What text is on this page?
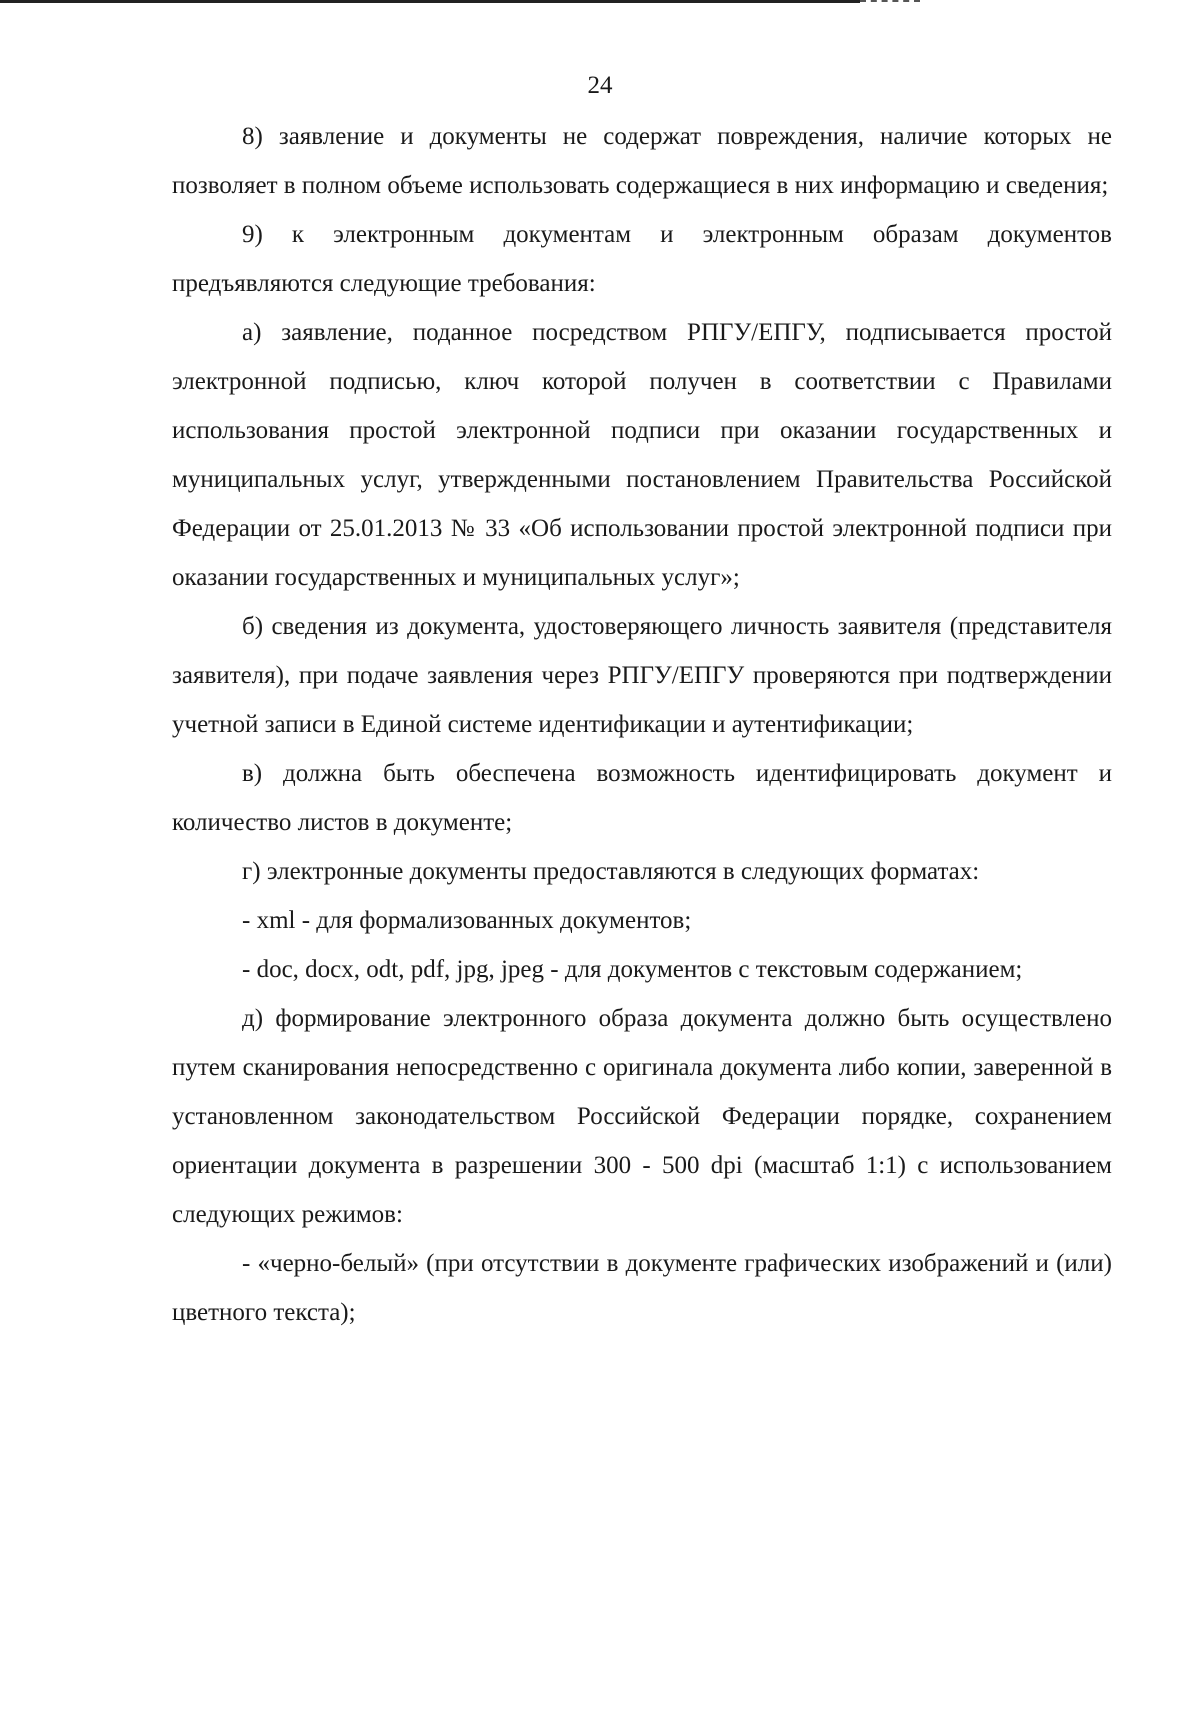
24

8) заявление и документы не содержат повреждения, наличие которых не позволяет в полном объеме использовать содержащиеся в них информацию и сведения;

9) к электронным документам и электронным образам документов предъявляются следующие требования:

а) заявление, поданное посредством РПГУ/ЕПГУ, подписывается простой электронной подписью, ключ которой получен в соответствии с Правилами использования простой электронной подписи при оказании государственных и муниципальных услуг, утвержденными постановлением Правительства Российской Федерации от 25.01.2013 № 33 «Об использовании простой электронной подписи при оказании государственных и муниципальных услуг»;

б) сведения из документа, удостоверяющего личность заявителя (представителя заявителя), при подаче заявления через РПГУ/ЕПГУ проверяются при подтверждении учетной записи в Единой системе идентификации и аутентификации;

в) должна быть обеспечена возможность идентифицировать документ и количество листов в документе;

г) электронные документы предоставляются в следующих форматах:

- xml - для формализованных документов;

- doc, docx, odt, pdf, jpg, jpeg - для документов с текстовым содержанием;

д) формирование электронного образа документа должно быть осуществлено путем сканирования непосредственно с оригинала документа либо копии, заверенной в установленном законодательством Российской Федерации порядке, сохранением ориентации документа в разрешении 300 - 500 dpi (масштаб 1:1) с использованием следующих режимов:

- «черно-белый» (при отсутствии в документе графических изображений и (или) цветного текста);
